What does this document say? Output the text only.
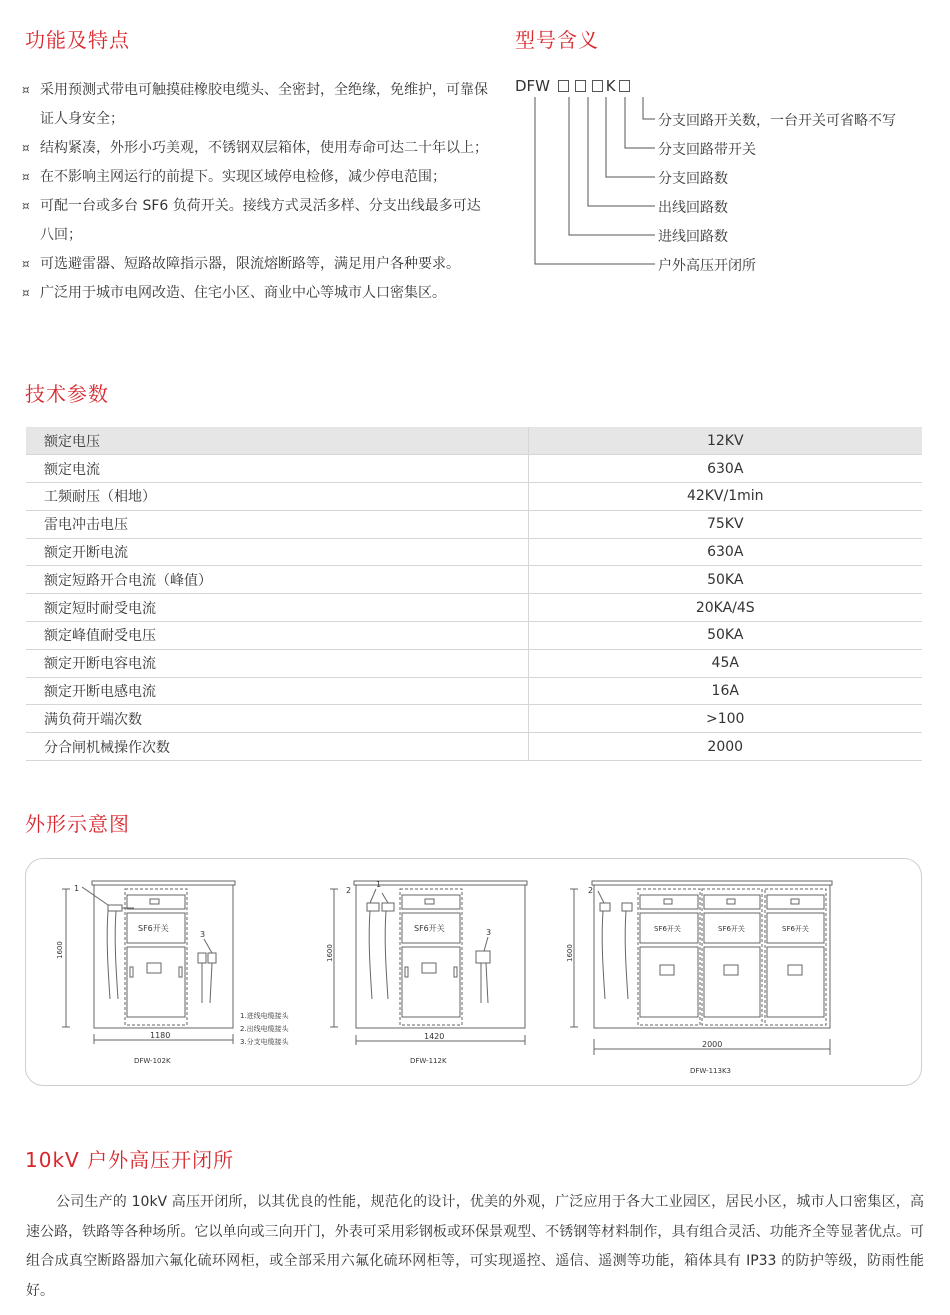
功能及特点	型号含义
技术参数
外形示意图
10kV 户外高压开闭所
¤ 采用预测式带电可触摸硅橡胶电缆头、全密封，全绝缘，免维护，可靠保证人身安全；
¤ 结构紧凑，外形小巧美观，不锈钢双层箱体，使用寿命可达二十年以上；
¤ 在不影响主网运行的前提下。实现区域停电检修，减少停电范围；
¤ 可配一台或多台 SF6 负荷开关。接线方式灵活多样、分支出线最多可达八回；
¤ 可选避雷器、短路故障指示器，限流熔断路等，满足用户各种要求。
¤ 广泛用于城市电网改造、住宅小区、商业中心等城市人口密集区。
DFW	K
分支回路开关数，一台开关可省略不写
分支回路带开关
分支回路数
出线回路数
进线回路数
户外高压开闭所
额定电压	12KV
额定电流	630A
工频耐压（相地）	42KV/1min
雷电冲击电压	75KV
额定开断电流	630A
额定短路开合电流（峰值）	50KA
额定短时耐受电流	20KA/4S
额定峰值耐受电压	50KA
额定开断电容电流	45A
额定开断电感电流	16A
满负荷开端次数	>100
分合闸机械操作次数	2000
1
3
SF6开关
1600
1180
DFW-102K
1.进线电缆接头
2.出线电缆接头
3.分支电缆接头
2
1
3
SF6开关
1600
1420
DFW-112K
2
SF6开关	SF6开关	SF6开关
1600
2000
DFW-113K3

公司生产的 10kV 高压开闭所，以其优良的性能，规范化的设计，优美的外观，广泛应用于各大工业园区，居民小区，城市人口密集区，高速公路，铁路等各种场所。它以单向或三向开门，外表可采用彩钢板或环保景观型、不锈钢等材料制作，具有组合灵活、功能齐全等显著优点。可组合成真空断路器加六氟化硫环网柜，或全部采用六氟化硫环网柜等，可实现遥控、遥信、遥测等功能，箱体具有 IP33 的防护等级，防雨性能好。
